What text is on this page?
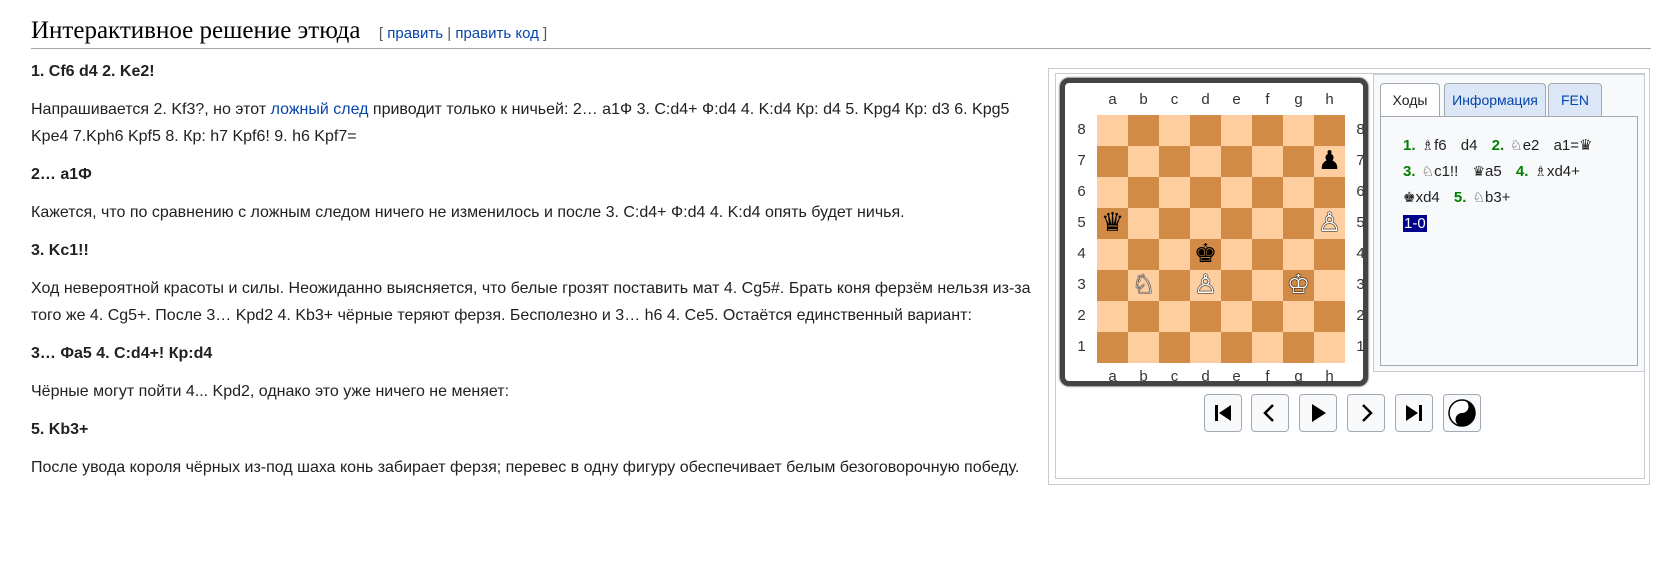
Интерактивное решение этюда [ править | править код ]

1. Cf6 d4 2. Ke2!

Напрашивается 2. Kf3?, но этот ложный след приводит только к ничьей: 2… a1Ф 3. C:d4+ Ф:d4 4. K:d4 Кр: d4 5. Kpg4 Кр: d3 6. Kpg5 Kpe4 7.Kph6 Kpf5 8. Кр: h7 Kpf6! 9. h6 Kpf7=

2… a1Ф

Кажется, что по сравнению с ложным следом ничего не изменилось и после 3. C:d4+ Ф:d4 4. K:d4 опять будет ничья.

3. Kc1!!

Ход невероятной красоты и силы. Неожиданно выясняется, что белые грозят поставить мат 4. Cg5#. Брать коня ферзём нельзя из-за того же 4. Cg5+. После 3… Kpd2 4. Kb3+ чёрные теряют ферзя. Бесполезно и 3… h6 4. Ce5. Остаётся единственный вариант:

3… Фa5 4. C:d4+! Кр:d4

Чёрные могут пойти 4... Kpd2, однако это уже ничего не меняет:

5. Kb3+

После увода короля чёрных из-под шаха конь забирает ферзя; перевес в одну фигуру обеспечивает белым безоговорочную победу.

a
a
b
b
c
c
d
d
e
e
f
f
g
g
h
h
8	8
7	7
6	6
5	5
4	4
3	3
2	2
1	1
♟
♛	♙
♚
♘ ♙	♔
Ходы	Информация	FEN
1. ♗f6 d4 2. ♘e2 a1=♛ 3. ♘c1!! ♛a5 4. ♗xd4+ ♚xd4 5. ♘b3+
1-0
